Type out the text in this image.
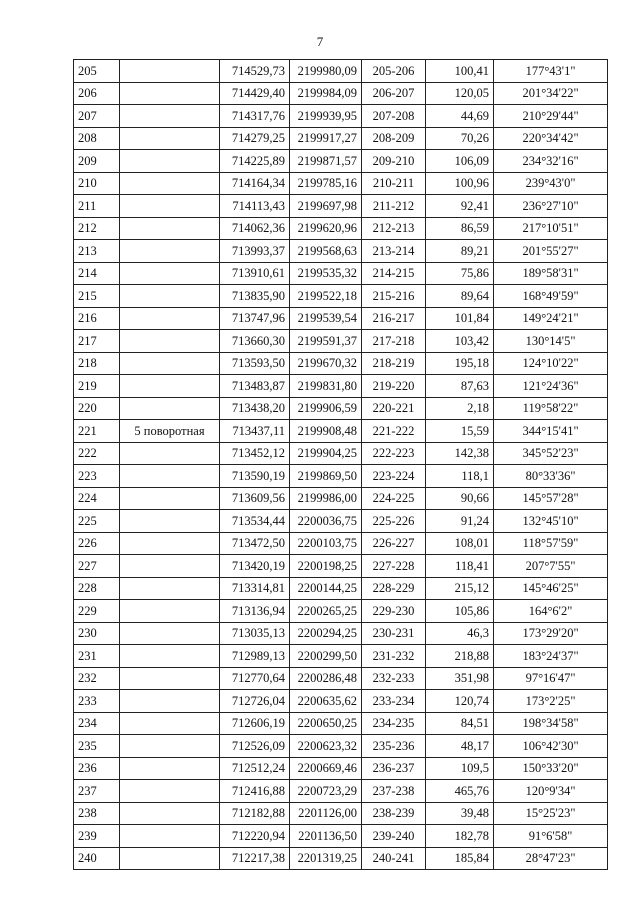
7
205		714529,73	2199980,09	205-206	100,41	177°43'1"
206		714429,40	2199984,09	206-207	120,05	201°34'22"
207		714317,76	2199939,95	207-208	44,69	210°29'44"
208		714279,25	2199917,27	208-209	70,26	220°34'42"
209		714225,89	2199871,57	209-210	106,09	234°32'16"
210		714164,34	2199785,16	210-211	100,96	239°43'0"
211		714113,43	2199697,98	211-212	92,41	236°27'10"
212		714062,36	2199620,96	212-213	86,59	217°10'51"
213		713993,37	2199568,63	213-214	89,21	201°55'27"
214		713910,61	2199535,32	214-215	75,86	189°58'31"
215		713835,90	2199522,18	215-216	89,64	168°49'59"
216		713747,96	2199539,54	216-217	101,84	149°24'21"
217		713660,30	2199591,37	217-218	103,42	130°14'5"
218		713593,50	2199670,32	218-219	195,18	124°10'22"
219		713483,87	2199831,80	219-220	87,63	121°24'36"
220		713438,20	2199906,59	220-221	2,18	119°58'22"
221	5 поворотная	713437,11	2199908,48	221-222	15,59	344°15'41"
222		713452,12	2199904,25	222-223	142,38	345°52'23"
223		713590,19	2199869,50	223-224	118,1	80°33'36"
224		713609,56	2199986,00	224-225	90,66	145°57'28"
225		713534,44	2200036,75	225-226	91,24	132°45'10"
226		713472,50	2200103,75	226-227	108,01	118°57'59"
227		713420,19	2200198,25	227-228	118,41	207°7'55"
228		713314,81	2200144,25	228-229	215,12	145°46'25"
229		713136,94	2200265,25	229-230	105,86	164°6'2"
230		713035,13	2200294,25	230-231	46,3	173°29'20"
231		712989,13	2200299,50	231-232	218,88	183°24'37"
232		712770,64	2200286,48	232-233	351,98	97°16'47"
233		712726,04	2200635,62	233-234	120,74	173°2'25"
234		712606,19	2200650,25	234-235	84,51	198°34'58"
235		712526,09	2200623,32	235-236	48,17	106°42'30"
236		712512,24	2200669,46	236-237	109,5	150°33'20"
237		712416,88	2200723,29	237-238	465,76	120°9'34"
238		712182,88	2201126,00	238-239	39,48	15°25'23"
239		712220,94	2201136,50	239-240	182,78	91°6'58"
240		712217,38	2201319,25	240-241	185,84	28°47'23"
